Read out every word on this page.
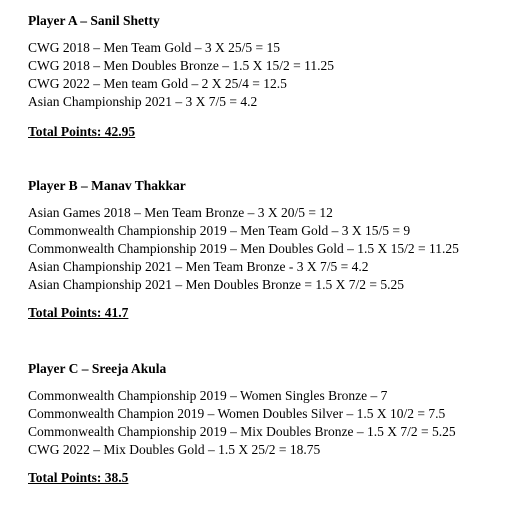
Player A – Sanil Shetty
CWG 2018 – Men Team Gold – 3 X 25/5 = 15
CWG 2018 – Men Doubles Bronze – 1.5 X 15/2 = 11.25
CWG 2022 – Men team Gold – 2 X 25/4 = 12.5
Asian Championship 2021 – 3 X 7/5 = 4.2
Total Points: 42.95
Player B – Manav Thakkar
Asian Games 2018 – Men Team Bronze – 3 X 20/5 = 12
Commonwealth Championship 2019 – Men Team Gold – 3 X 15/5 = 9
Commonwealth Championship 2019 – Men Doubles Gold – 1.5 X 15/2 = 11.25
Asian Championship 2021 – Men Team Bronze - 3 X 7/5 = 4.2
Asian Championship 2021 – Men Doubles Bronze = 1.5 X 7/2 = 5.25
Total Points: 41.7
Player C – Sreeja Akula
Commonwealth Championship 2019 – Women Singles Bronze – 7
Commonwealth Champion 2019 – Women Doubles Silver – 1.5 X 10/2 = 7.5
Commonwealth Championship 2019 – Mix Doubles Bronze – 1.5 X 7/2 = 5.25
CWG 2022 – Mix Doubles Gold – 1.5 X 25/2 = 18.75
Total Points: 38.5
